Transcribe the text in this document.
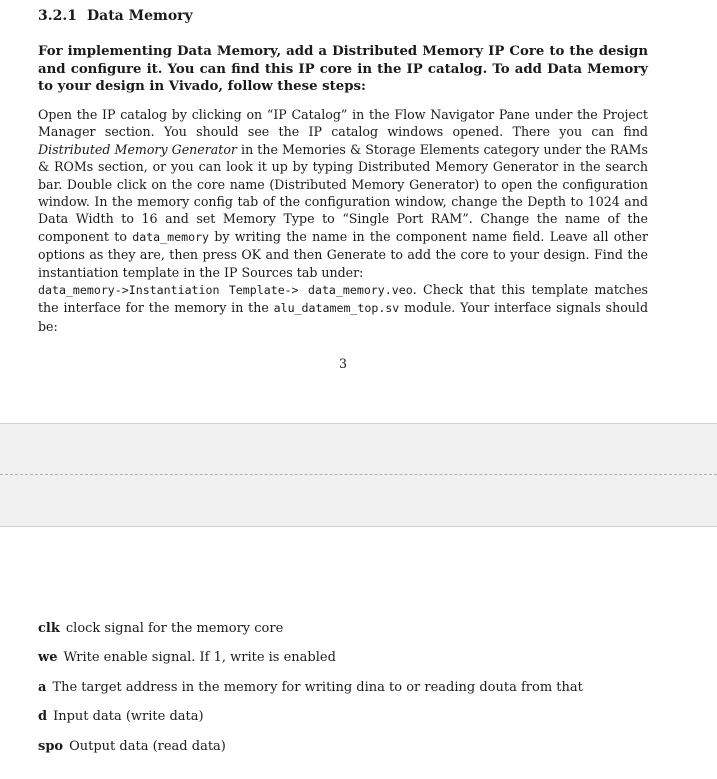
3.2.1 Data Memory

For implementing Data Memory, add a Distributed Memory IP Core to the design and configure it. You can find this IP core in the IP catalog. To add Data Memory to your design in Vivado, follow these steps:

Open the IP catalog by clicking on “IP Catalog” in the Flow Navigator Pane under the Project Manager section. You should see the IP catalog windows opened. There you can find Distributed Memory Generator in the Memories & Storage Elements category under the RAMs & ROMs section, or you can look it up by typing Distributed Memory Generator in the search bar. Double click on the core name (Distributed Memory Generator) to open the configuration window. In the memory config tab of the configuration window, change the Depth to 1024 and Data Width to 16 and set Memory Type to “Single Port RAM”. Change the name of the component to data_memory by writing the name in the component name field. Leave all other options as they are, then press OK and then Generate to add the core to your design. Find the instantiation template in the IP Sources tab under:
data_memory->Instantiation Template-> data_memory.veo. Check that this template matches the interface for the memory in the alu_datamem_top.sv module. Your interface signals should be:

3
clk clock signal for the memory core
we Write enable signal. If 1, write is enabled
a The target address in the memory for writing dina to or reading douta from that
d Input data (write data)
spo Output data (read data)
